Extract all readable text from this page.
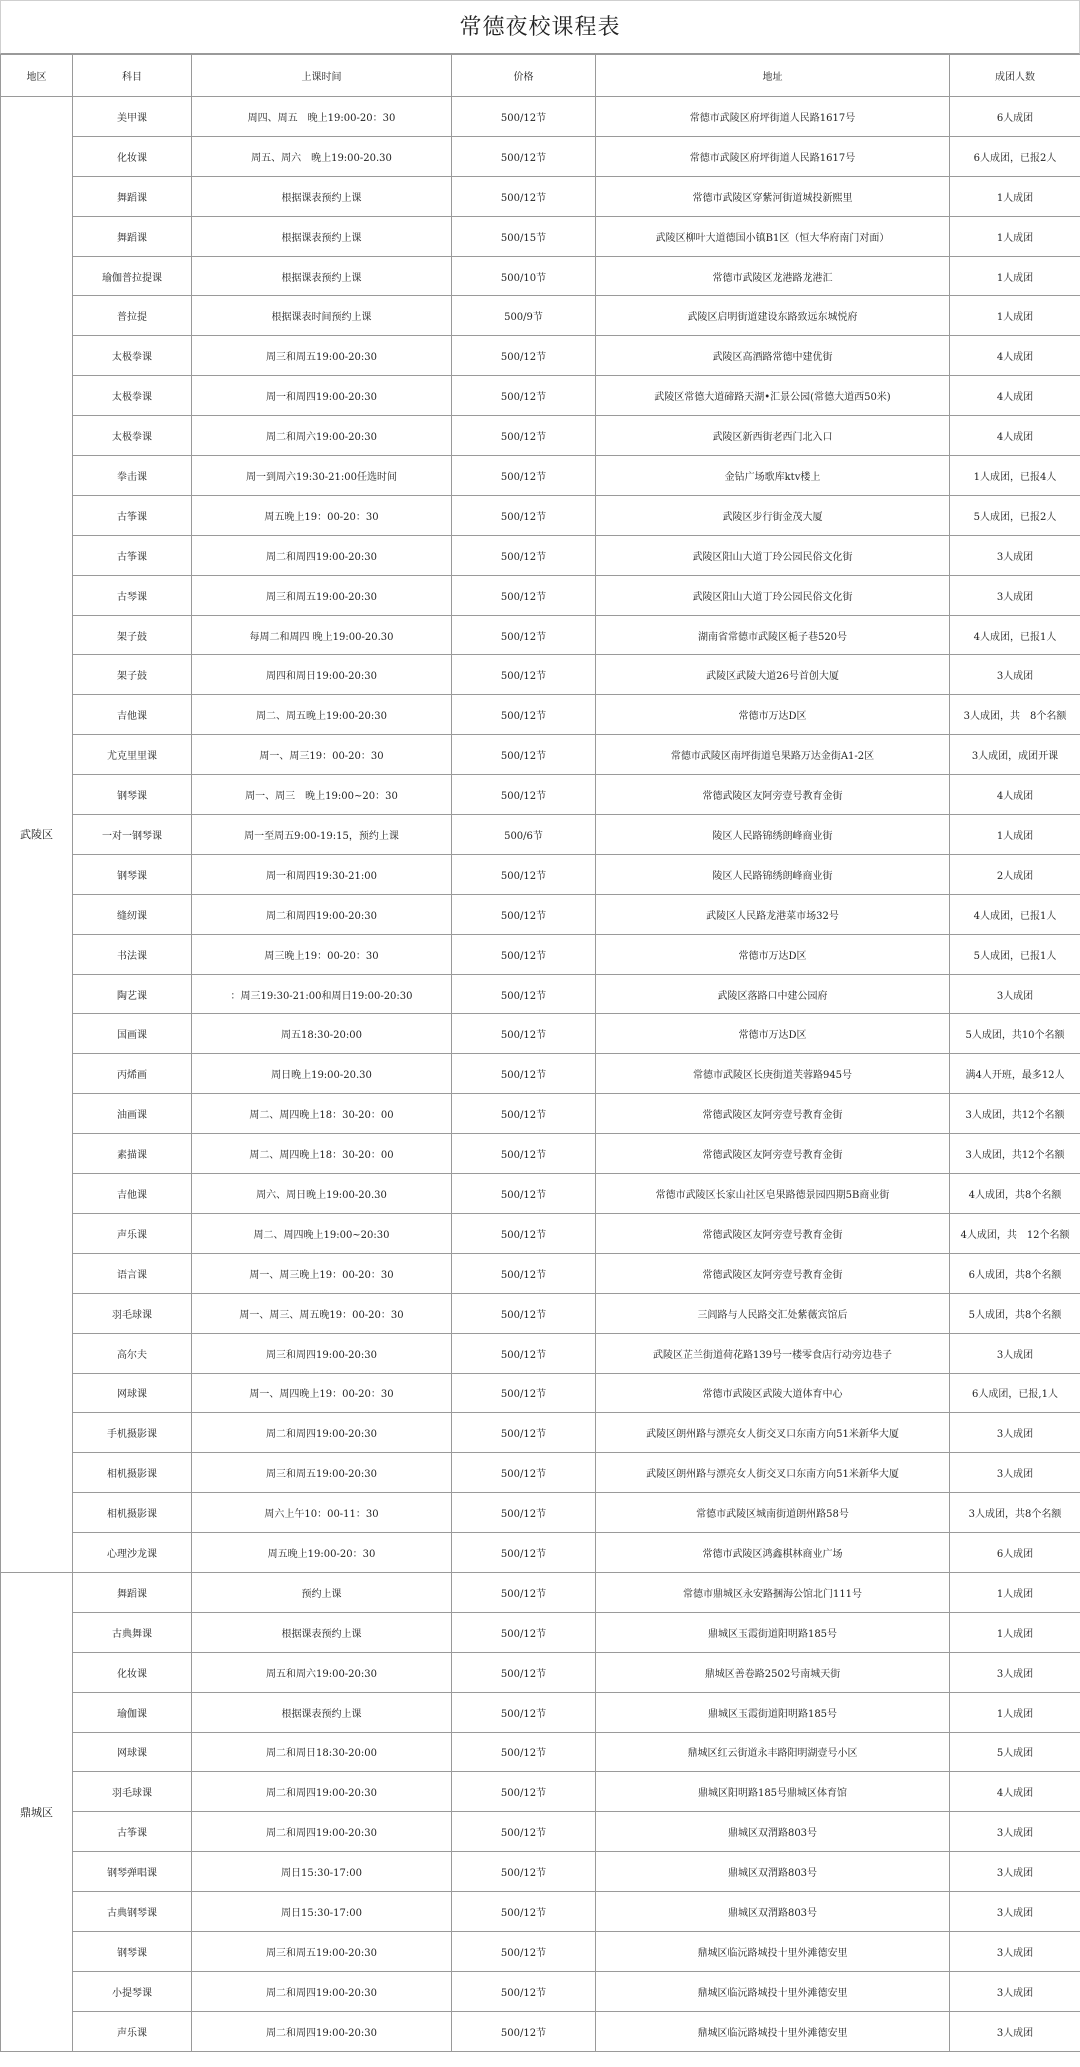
常德夜校课程表
地区	科目	上课时间	价格	地址	成团人数
武陵区	美甲课	周四、周五　晚上19:00-20：30	500/12节	常德市武陵区府坪街道人民路1617号	6人成团
	化妆课	周五、周六　晚上19:00-20.30	500/12节	常德市武陵区府坪街道人民路1617号	6人成团，已报2人
	舞蹈课	根据课表预约上课	500/12节	常德市武陵区穿紫河街道城投新熙里	1人成团
	舞蹈课	根据课表预约上课	500/15节	武陵区柳叶大道德国小镇B1区（恒大华府南门对面）	1人成团
	瑜伽普拉提课	根据课表预约上课	500/10节	常德市武陵区龙港路龙港汇	1人成团
	普拉提	根据课表时间预约上课	500/9节	武陵区启明街道建设东路致远东城悦府	1人成团
	太极拳课	周三和周五19:00-20:30	500/12节	武陵区高酒路常德中建优街	4人成团
	太极拳课	周一和周四19:00-20:30	500/12节	武陵区常德大道碲路天湖•汇景公园(常德大道西50米)	4人成团
	太极拳课	周二和周六19:00-20:30	500/12节	武陵区新西街老西门北入口	4人成团
	拳击课	周一到周六19:30-21:00任选时间	500/12节	金钻广场歌库ktv楼上	1人成团，已报4人
	古筝课	周五晚上19：00-20：30	500/12节	武陵区步行街金茂大厦	5人成团，已报2人
	古筝课	周二和周四19:00-20:30	500/12节	武陵区阳山大道丁玲公园民俗文化街	3人成团
	古琴课	周三和周五19:00-20:30	500/12节	武陵区阳山大道丁玲公园民俗文化街	3人成团
	架子鼓	每周二和周四 晚上19:00-20.30	500/12节	湖南省常德市武陵区栀子巷520号	4人成团，已报1人
	架子鼓	周四和周日19:00-20:30	500/12节	武陵区武陵大道26号首创大厦	3人成团
	吉他课	周二、周五晚上19:00-20:30	500/12节	常德市万达D区	3人成团，共　8个名额
	尤克里里课	周一、周三19：00-20：30	500/12节	常德市武陵区南坪街道皂果路万达金街A1-2区	3人成团，成团开课
	钢琴课	周一、周三　晚上19:00~20：30	500/12节	常德武陵区友阿旁壹号教育金街	4人成团
	一对一钢琴课	周一至周五9:00-19:15，预约上课	500/6节	陵区人民路锦绣朗峰商业街	1人成团
	钢琴课	周一和周四19:30-21:00	500/12节	陵区人民路锦绣朗峰商业街	2人成团
	缝纫课	周二和周四19:00-20:30	500/12节	武陵区人民路龙港菜市场32号	4人成团，已报1人
	书法课	周三晚上19：00-20：30	500/12节	常德市万达D区	5人成团，已报1人
	陶艺课	：周三19:30-21:00和周日19:00-20:30	500/12节	武陵区落路口中建公园府	3人成团
	国画课	周五18:30-20:00	500/12节	常德市万达D区	5人成团，共10个名额
	丙烯画	周日晚上19:00-20.30	500/12节	常德市武陵区长庚街道芙蓉路945号	满4人开班，最多12人
	油画课	周二、周四晚上18：30-20：00	500/12节	常德武陵区友阿旁壹号教育金街	3人成团，共12个名额
	素描课	周二、周四晚上18：30-20：00	500/12节	常德武陵区友阿旁壹号教育金街	3人成团，共12个名额
	吉他课	周六、周日晚上19:00-20.30	500/12节	常德市武陵区长家山社区皂果路德景园四期5B商业街	4人成团，共8个名额
	声乐课	周二、周四晚上19:00~20:30	500/12节	常德武陵区友阿旁壹号教育金街	4人成团，共　12个名额
	语言课	周一、周三晚上19：00-20：30	500/12节	常德武陵区友阿旁壹号教育金街	6人成团，共8个名额
	羽毛球课	周一、周三、周五晚19：00-20：30	500/12节	三闾路与人民路交汇处紫薇宾馆后	5人成团，共8个名额
	高尔夫	周三和周四19:00-20:30	500/12节	武陵区芷兰街道荷花路139号一楼零食店行动旁边巷子	3人成团
	网球课	周一、周四晚上19：00-20：30	500/12节	常德市武陵区武陵大道体育中心	6人成团，已报,1人
	手机摄影课	周二和周四19:00-20:30	500/12节	武陵区朗州路与漂亮女人街交叉口东南方向51米新华大厦	3人成团
	相机摄影课	周三和周五19:00-20:30	500/12节	武陵区朗州路与漂亮女人街交叉口东南方向51米新华大厦	3人成团
	相机摄影课	周六上午10：00-11：30	500/12节	常德市武陵区城南街道朗州路58号	3人成团，共8个名额
	心理沙龙课	周五晚上19:00-20：30	500/12节	常德市武陵区鸿鑫棋林商业广场	6人成团
鼎城区	舞蹈课	预约上课	500/12节	常德市鼎城区永安路捆海公馆北门111号	1人成团
	古典舞课	根据课表预约上课	500/12节	鼎城区玉霞街道阳明路185号	1人成团
	化妆课	周五和周六19:00-20:30	500/12节	鼎城区善卷路2502号南城天街	3人成团
	瑜伽课	根据课表预约上课	500/12节	鼎城区玉霞街道阳明路185号	1人成团
	网球课	周二和周日18:30-20:00	500/12节	鼎城区红云街道永丰路阳明湖壹号小区	5人成团
	羽毛球课	周二和周四19:00-20:30	500/12节	鼎城区阳明路185号鼎城区体育馆	4人成团
	古筝课	周二和周四19:00-20:30	500/12节	鼎城区双渭路803号	3人成团
	钢琴弹唱课	周日15:30-17:00	500/12节	鼎城区双渭路803号	3人成团
	古典钢琴课	周日15:30-17:00	500/12节	鼎城区双渭路803号	3人成团
	钢琴课	周三和周五19:00-20:30	500/12节	鼎城区临沅路城投十里外滩德安里	3人成团
	小提琴课	周二和周四19:00-20:30	500/12节	鼎城区临沅路城投十里外滩德安里	3人成团
	声乐课	周二和周四19:00-20:30	500/12节	鼎城区临沅路城投十里外滩德安里	3人成团
